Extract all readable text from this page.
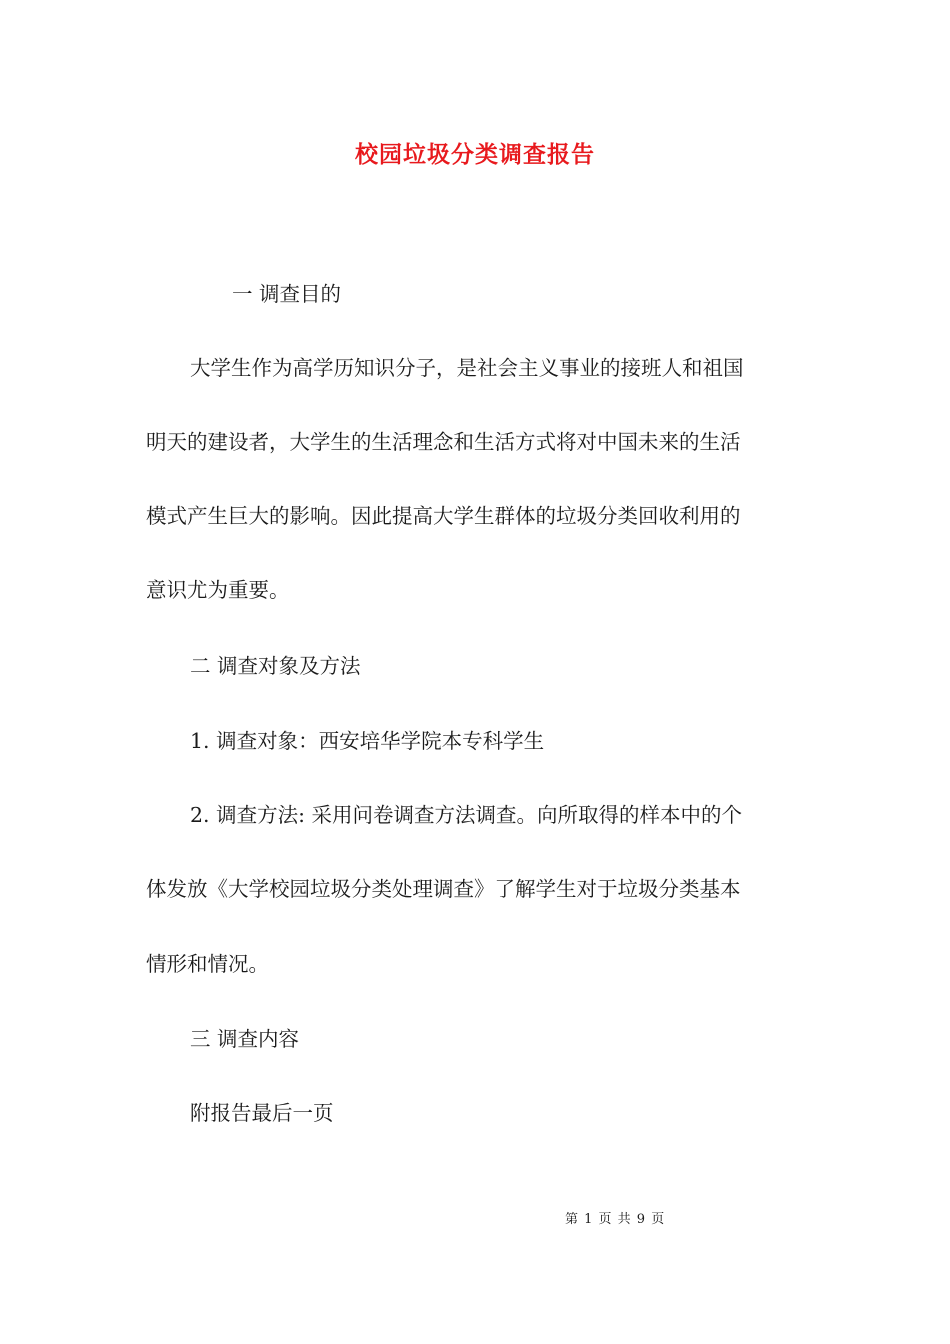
校园垃圾分类调查报告
一 调查目的
大学生作为高学历知识分子，是社会主义事业的接班人和祖国
明天的建设者，大学生的生活理念和生活方式将对中国未来的生活
模式产生巨大的影响。因此提高大学生群体的垃圾分类回收利用的
意识尤为重要。
二 调查对象及方法
1. 调查对象：西安培华学院本专科学生
2. 调查方法: 采用问卷调查方法调查。向所取得的样本中的个
体发放《大学校园垃圾分类处理调查》了解学生对于垃圾分类基本
情形和情况。
三 调查内容
附报告最后一页
第 1 页 共 9 页
